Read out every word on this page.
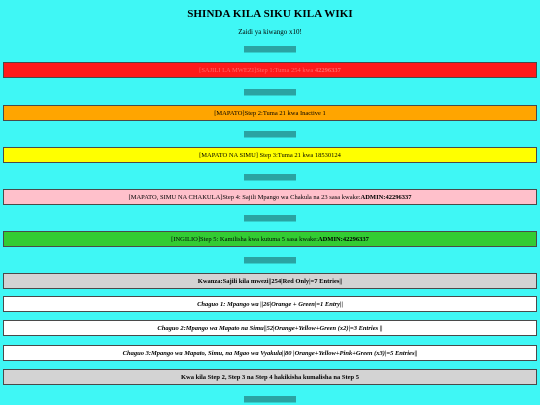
SHINDA KILA SIKU KILA WIKI
Zaidi ya kiwango x10!
||||||||||||||||||||||||||||||||||||||||||||||||||||
[SAJILI LA MWEZI]Step 1:Tuma 254 kwa 42296337
||||||||||||||||||||||||||||||||||||||||||||||||||||
[MAPATO]Step 2:Tuma 21 kwa Inactive 1
||||||||||||||||||||||||||||||||||||||||||||||||||||
[MAPATO NA SIMU] Step 3:Tuma 21 kwa 18530124
||||||||||||||||||||||||||||||||||||||||||||||||||||
[MAPATO, SIMU NA CHAKULA]Step 4: Sajili Mpango wa Chakula na 23 sasa kwake:ADMIN:42296337
||||||||||||||||||||||||||||||||||||||||||||||||||||
[INGILIO]Step 5: Kamilisha kwa kutuma 5 sasa kwake:ADMIN:42296337
||||||||||||||||||||||||||||||||||||||||||||||||||||
Kwanza:Sajili kila mwezi||254|Red Only|=7 Entries||
Chaguo 1: Mpango wa ||26|Orange + Green|=1 Entry||
Chaguo 2:Mpango wa Mapato na Simu||52|Orange+Yellow+Green (x2)|=3 Entries ||
Chaguo 3:Mpango wa Mapato, Simu, na Mgao wa Vyakula||80 |Orange+Yellow+Pink+Green (x3)|=5 Entries||
Kwa kila Step 2, Step 3 na Step 4 hakikisha kumalisha na Step 5
||||||||||||||||||||||||||||||||||||||||||||||||||||
